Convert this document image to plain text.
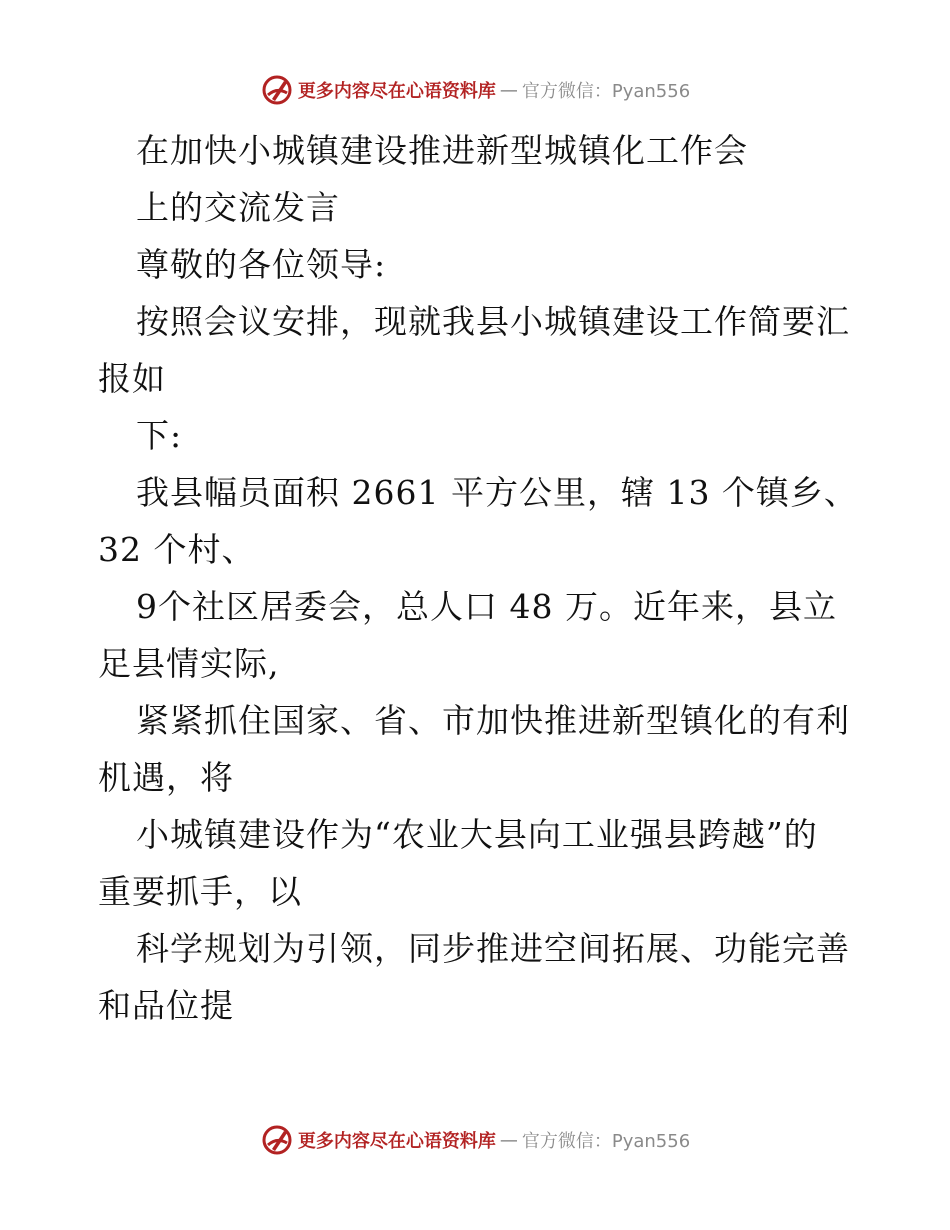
更多内容尽在心语资料库 — 官方微信：Pyan556
在加快小城镇建设推进新型城镇化工作会
上的交流发言
尊敬的各位领导:
按照会议安排，现就我县小城镇建设工作简要汇
报如
下:
我县幅员面积 2661 平方公里，辖 13 个镇乡、
32 个村、
9个社区居委会，总人口 48 万。近年来，县立
足县情实际,
紧紧抓住国家、省、市加快推进新型镇化的有利
机遇，将
小城镇建设作为“农业大县向工业强县跨越”的
重要抓手，以
科学规划为引领，同步推进空间拓展、功能完善
和品位提
更多内容尽在心语资料库 — 官方微信：Pyan556
